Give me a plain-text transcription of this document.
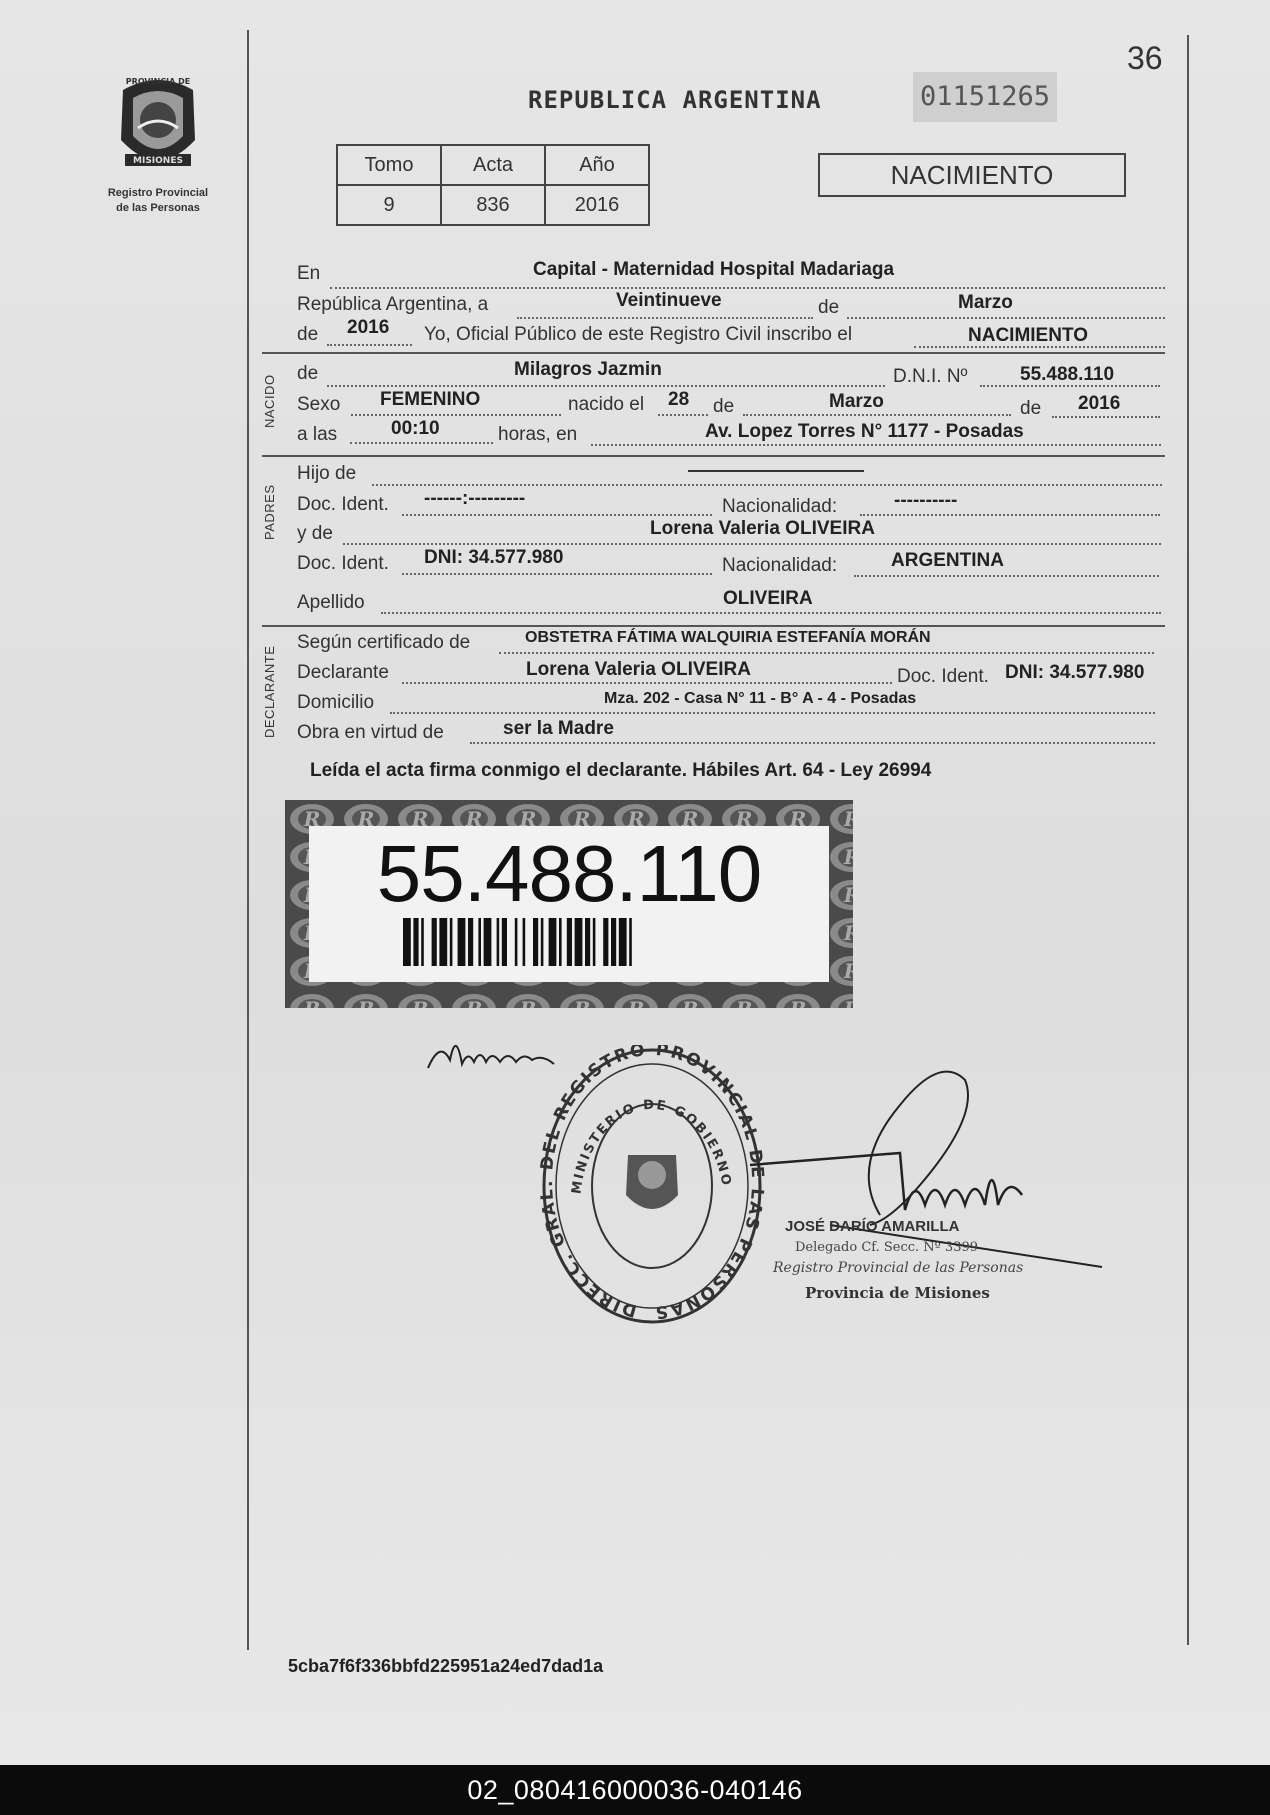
36
PROVINCIA DE
MISIONES
Registro Provincial
de las Personas
REPUBLICA ARGENTINA	01151265
Tomo	Acta	Año
9	836	2016
NACIMIENTO
En	Capital - Maternidad Hospital Madariaga
República Argentina, a	Veintinueve	de	Marzo
de 2016 Yo, Oficial Público de este Registro Civil inscribo el	NACIMIENTO
NACIDO
de	Milagros Jazmin	D.N.I. Nº	55.488.110
Sexo FEMENINO	nacido el 28 de	Marzo	de 2016
a las	00:10	horas, en	Av. Lopez Torres N° 1177 - Posadas
PADRES
Hijo de
Doc. Ident. ------:---------	Nacionalidad:	----------
y de	Lorena Valeria OLIVEIRA
Doc. Ident. DNI: 34.577.980	Nacionalidad:	ARGENTINA
Apellido	OLIVEIRA
DECLARANTE
Según certificado de	OBSTETRA FÁTIMA WALQUIRIA ESTEFANÍA MORÁN
Declarante	Lorena Valeria OLIVEIRA	Doc. Ident. DNI: 34.577.980
Domicilio	Mza. 202 - Casa N° 11 - B° A - 4 - Posadas
Obra en virtud de	ser la Madre
Leída el acta firma conmigo el declarante. Hábiles Art. 64 - Ley 26994
55.488.110
DIRECC. GRA EL REGISTRO PROVINCIAL D LAS PERSONAS
MINISTERIO DE GOBIERNO
JOSÉ DARÍO AMARILLA
Delegado Cf. Secc. Nº 3399
Registro Provincial de las Personas
Provincia de Misiones
5cba7f6f336bbfd225951a24ed7dad1a
02_080416000036-040146
